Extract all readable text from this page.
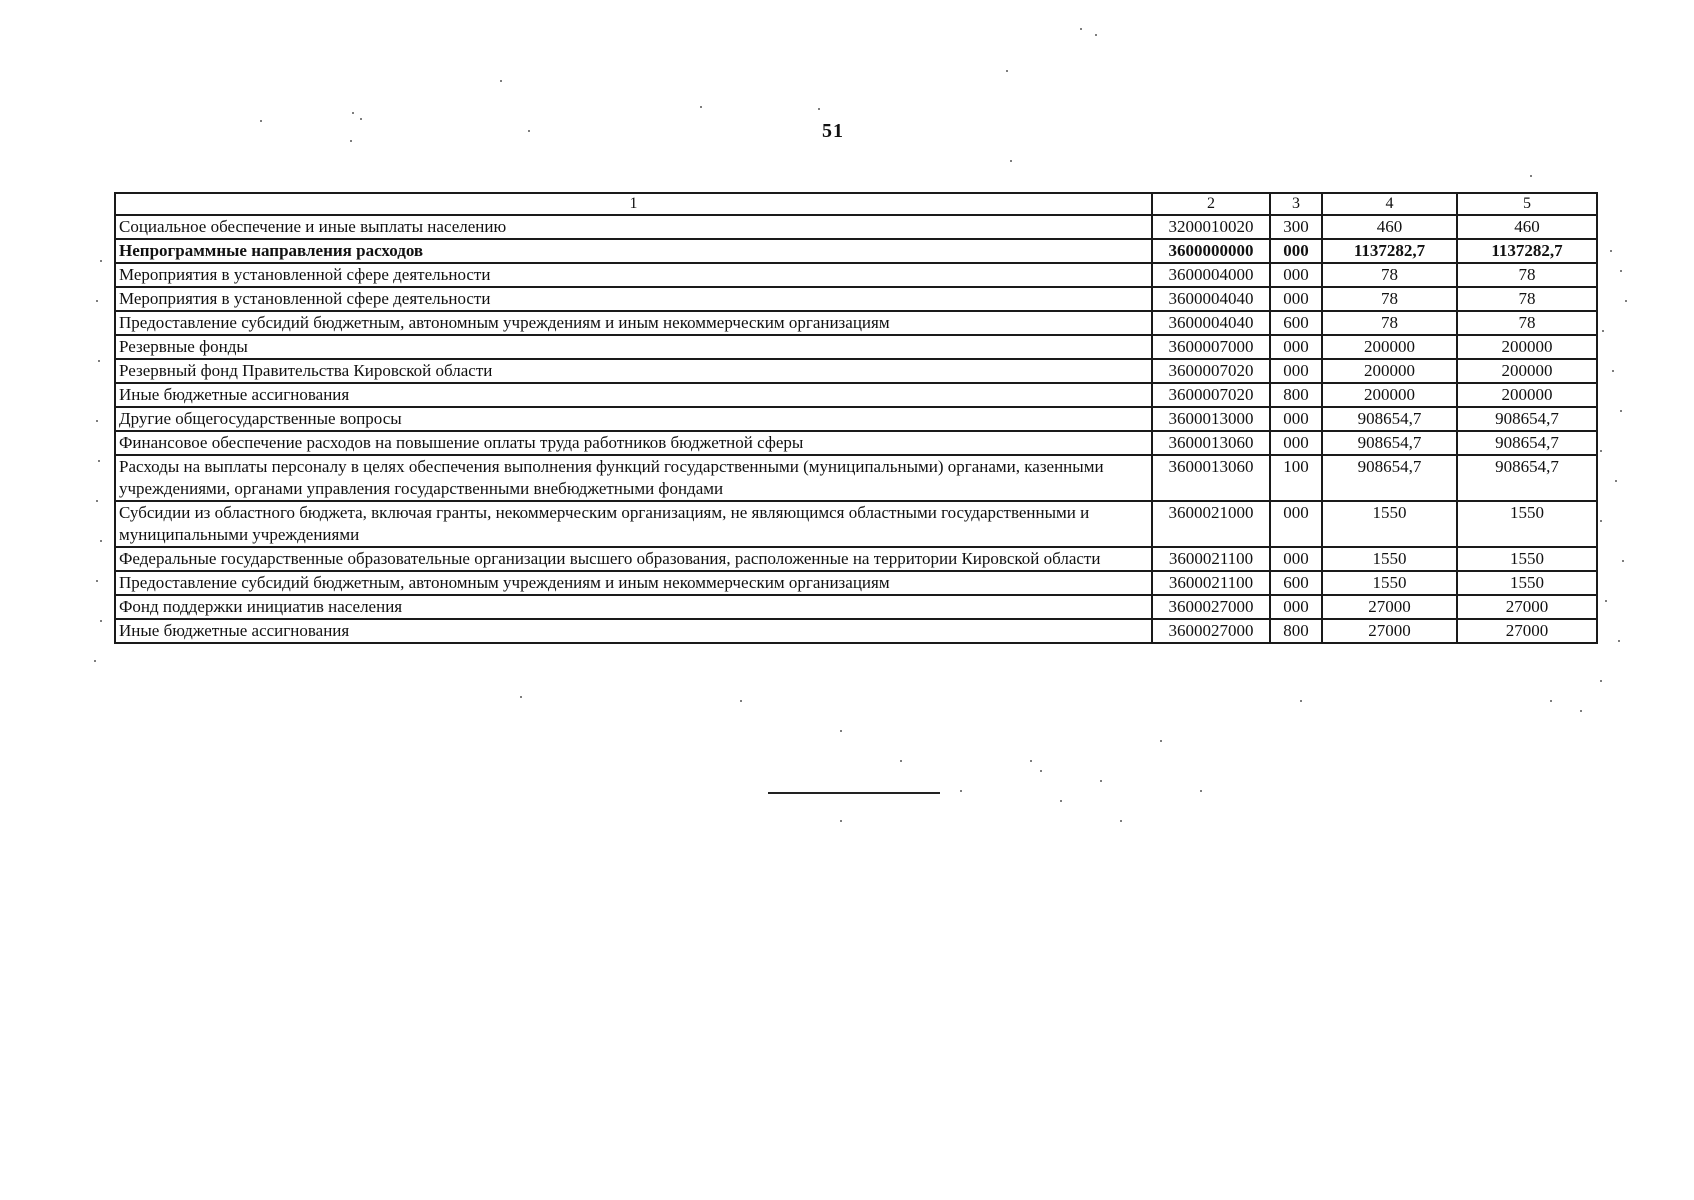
51
1	2	3	4	5
Социальное обеспечение и иные выплаты населению	3200010020	300	460	460
Непрограммные направления расходов	3600000000	000	1137282,7	1137282,7
Мероприятия в установленной сфере деятельности	3600004000	000	78	78
Мероприятия в установленной сфере деятельности	3600004040	000	78	78
Предоставление субсидий бюджетным, автономным учреждениям и иным некоммерческим организациям	3600004040	600	78	78
Резервные фонды	3600007000	000	200000	200000
Резервный фонд Правительства Кировской области	3600007020	000	200000	200000
Иные бюджетные ассигнования	3600007020	800	200000	200000
Другие общегосударственные вопросы	3600013000	000	908654,7	908654,7
Финансовое обеспечение расходов на повышение оплаты труда работников бюджетной сферы	3600013060	000	908654,7	908654,7
Расходы на выплаты персоналу в целях обеспечения выполнения функций государственными (муниципальными) органами, казенными учреждениями, органами управления государственными внебюджетными фондами	3600013060	100	908654,7	908654,7
Субсидии из областного бюджета, включая гранты, некоммерческим организациям, не являющимся областными государственными и муниципальными учреждениями	3600021000	000	1550	1550
Федеральные государственные образовательные организации высшего образования, расположенные на территории Кировской области	3600021100	000	1550	1550
Предоставление субсидий бюджетным, автономным учреждениям и иным некоммерческим организациям	3600021100	600	1550	1550
Фонд поддержки инициатив населения	3600027000	000	27000	27000
Иные бюджетные ассигнования	3600027000	800	27000	27000
